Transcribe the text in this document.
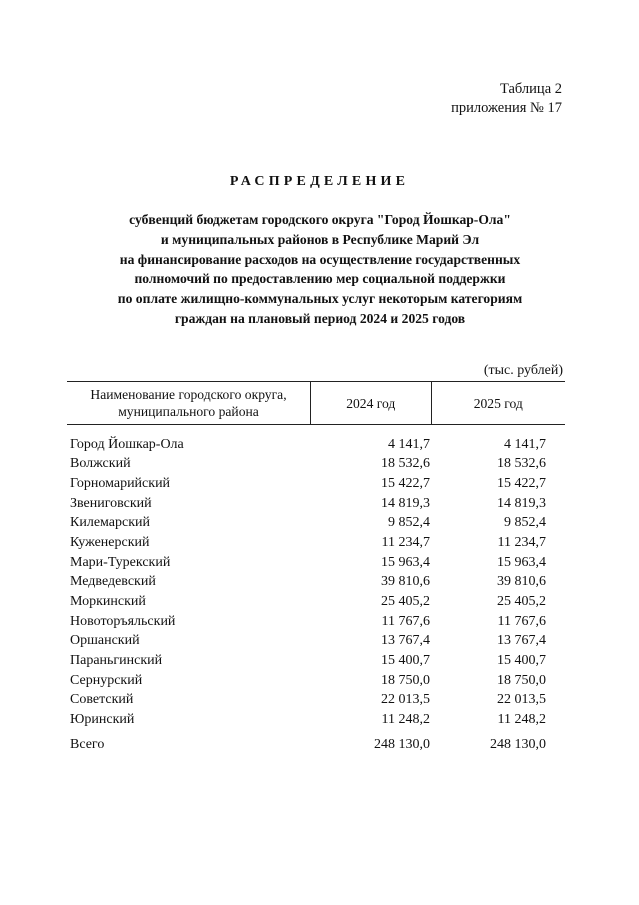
Таблица 2
приложения № 17
РАСПРЕДЕЛЕНИЕ
субвенций бюджетам городского округа "Город Йошкар-Ола"
и муниципальных районов в Республике Марий Эл
на финансирование расходов на осуществление государственных
полномочий по предоставлению мер социальной поддержки
по оплате жилищно-коммунальных услуг некоторым категориям
граждан на плановый период 2024 и 2025 годов
(тыс. рублей)
Наименование городского округа, муниципального района
2024 год	2025 год
Город Йошкар-Ола	4 141,7	4 141,7
Волжский	18 532,6	18 532,6
Горномарийский	15 422,7	15 422,7
Звениговский	14 819,3	14 819,3
Килемарский	9 852,4	9 852,4
Куженерский	11 234,7	11 234,7
Мари-Турекский	15 963,4	15 963,4
Медведевский	39 810,6	39 810,6
Моркинский	25 405,2	25 405,2
Новоторъяльский	11 767,6	11 767,6
Оршанский	13 767,4	13 767,4
Параньгинский	15 400,7	15 400,7
Сернурский	18 750,0	18 750,0
Советский	22 013,5	22 013,5
Юринский	11 248,2	11 248,2
Всего	248 130,0	248 130,0
